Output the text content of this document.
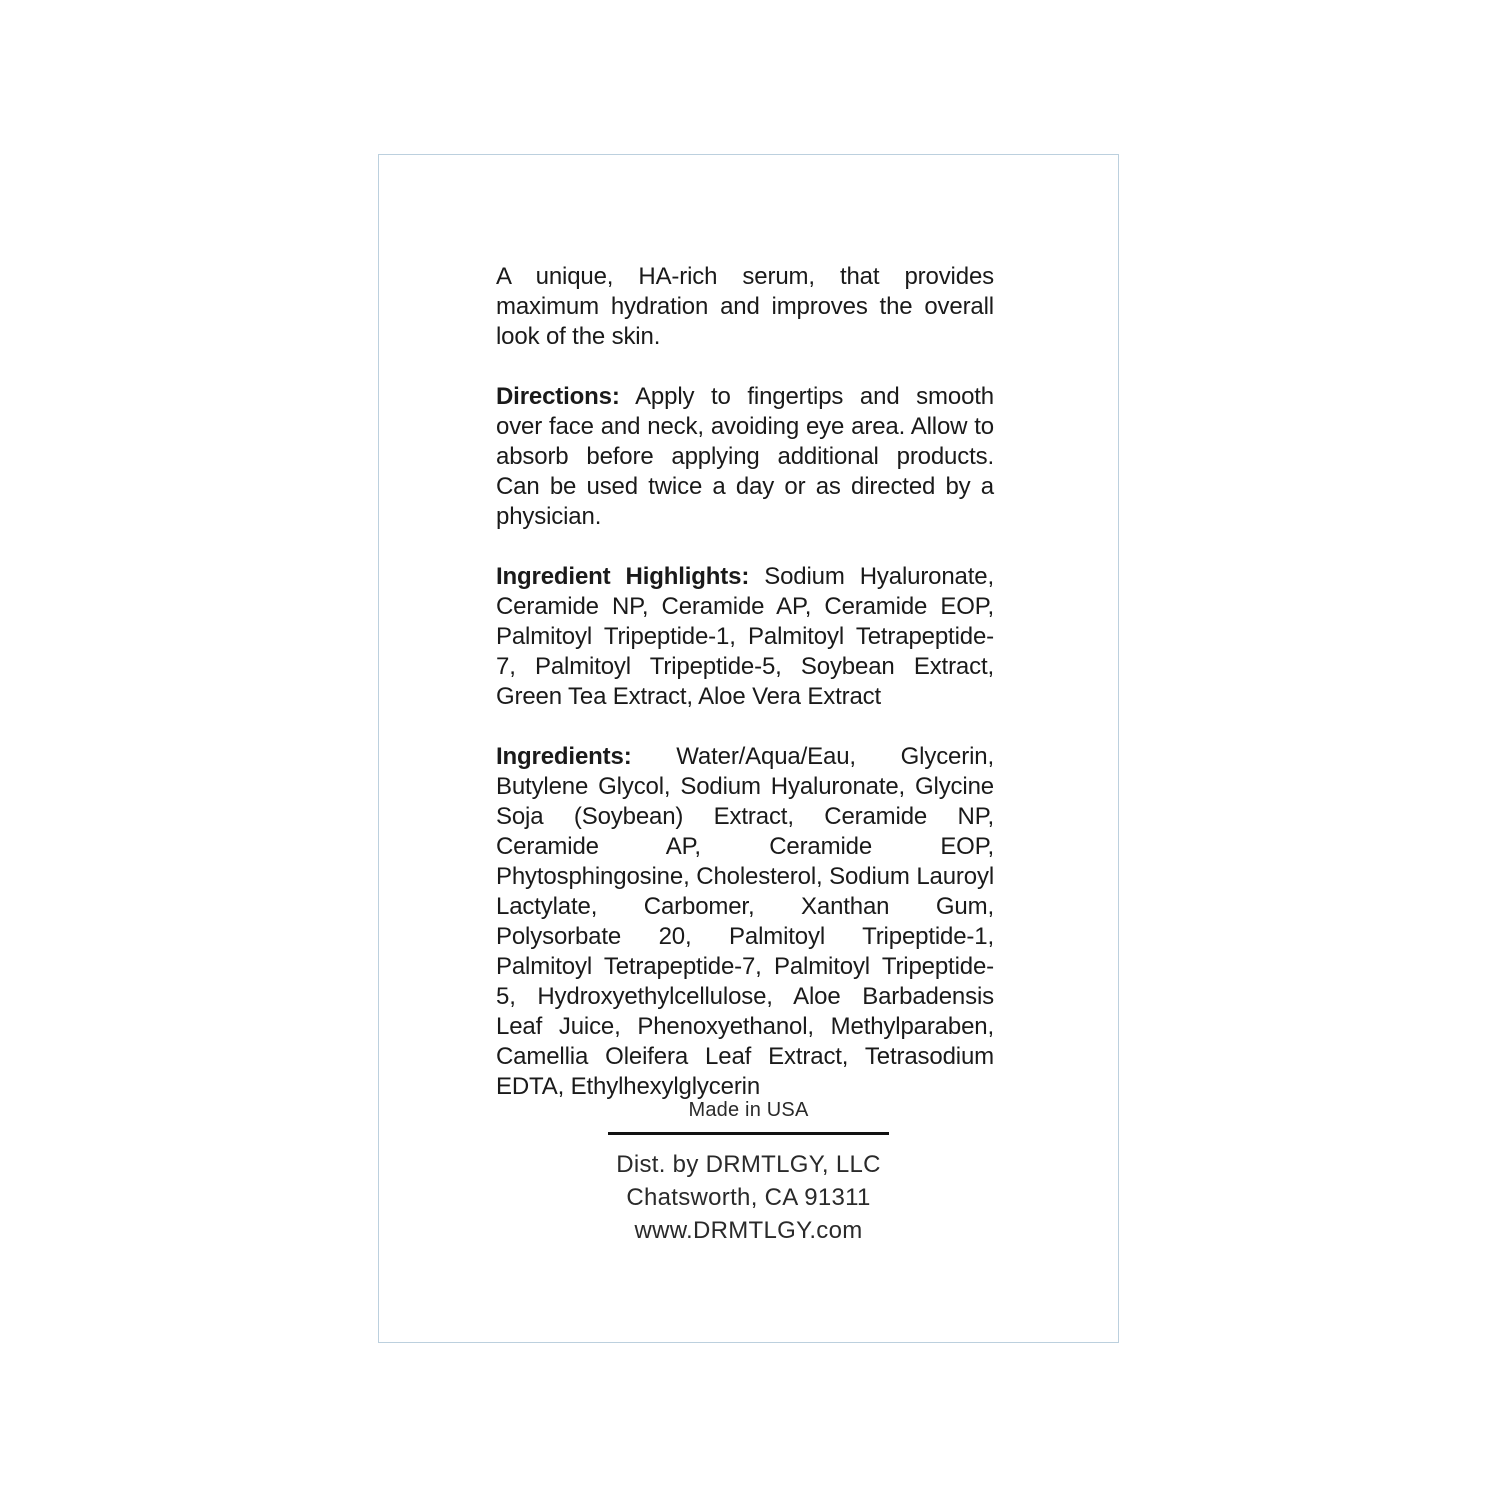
A unique, HA-rich serum, that provides maximum hydration and improves the overall look of the skin.

Directions: Apply to fingertips and smooth over face and neck, avoiding eye area. Allow to absorb before applying additional products. Can be used twice a day or as directed by a physician.

Ingredient Highlights: Sodium Hyaluronate, Ceramide NP, Ceramide AP, Ceramide EOP, Palmitoyl Tripeptide-1, Palmitoyl Tetrapeptide-7, Palmitoyl Tripeptide-5, Soybean Extract, Green Tea Extract, Aloe Vera Extract

Ingredients: Water/Aqua/Eau, Glycerin, Butylene Glycol, Sodium Hyaluronate, Glycine Soja (Soybean) Extract, Ceramide NP, Ceramide AP, Ceramide EOP, Phytosphingosine, Cholesterol, Sodium Lauroyl Lactylate, Carbomer, Xanthan Gum, Polysorbate 20, Palmitoyl Tripeptide-1, Palmitoyl Tetrapeptide-7, Palmitoyl Tripeptide-5, Hydroxyethylcellulose, Aloe Barbadensis Leaf Juice, Phenoxyethanol, Methylparaben, Camellia Oleifera Leaf Extract, Tetrasodium EDTA, Ethylhexylglycerin

Made in USA
Dist. by DRMTLGY, LLC
Chatsworth, CA 91311
www.DRMTLGY.com
